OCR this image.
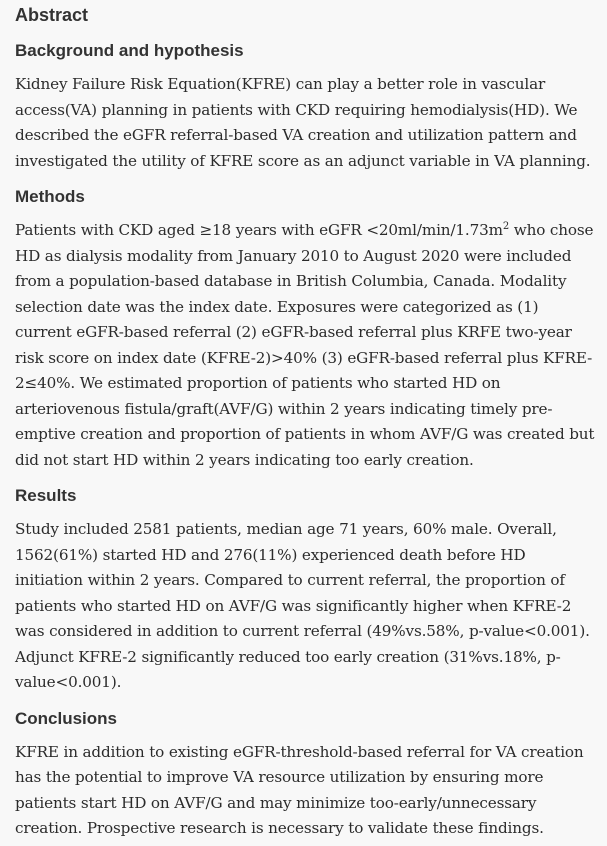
Abstract
Background and hypothesis

Kidney Failure Risk Equation(KFRE) can play a better role in vascular access(VA) planning in patients with CKD requiring hemodialysis(HD). We described the eGFR referral-based VA creation and utilization pattern and investigated the utility of KFRE score as an adjunct variable in VA planning.

Methods

Patients with CKD aged ≥18 years with eGFR $<20ml/\min/1.73m^2$ who chose HD as dialysis modality from January 2010 to August 2020 were included from a population-based database in British Columbia, Canada. Modality selection date was the index date. Exposures were categorized as (1) current eGFR-based referral (2) eGFR-based referral plus KRFE two-year risk score on index date (KFRE-2)>40% (3) eGFR-based referral plus KFRE-2≤40%. We estimated proportion of patients who started HD on arteriovenous fistula/graft(AVF/G) within 2 years indicating timely pre-emptive creation and proportion of patients in whom AVF/G was created but did not start HD within 2 years indicating too early creation.

Results

Study included 2581 patients, median age 71 years, 60% male. Overall, 1562(61%) started HD and 276(11%) experienced death before HD initiation within 2 years. Compared to current referral, the proportion of patients who started HD on AVF/G was significantly higher when KFRE-2 was considered in addition to current referral (49%vs.58%, p-value<0.001). Adjunct KFRE-2 significantly reduced too early creation (31%vs.18%, p-value<0.001).

Conclusions

KFRE in addition to existing eGFR-threshold-based referral for VA creation has the potential to improve VA resource utilization by ensuring more patients start HD on AVF/G and may minimize too-early/unnecessary creation. Prospective research is necessary to validate these findings.
